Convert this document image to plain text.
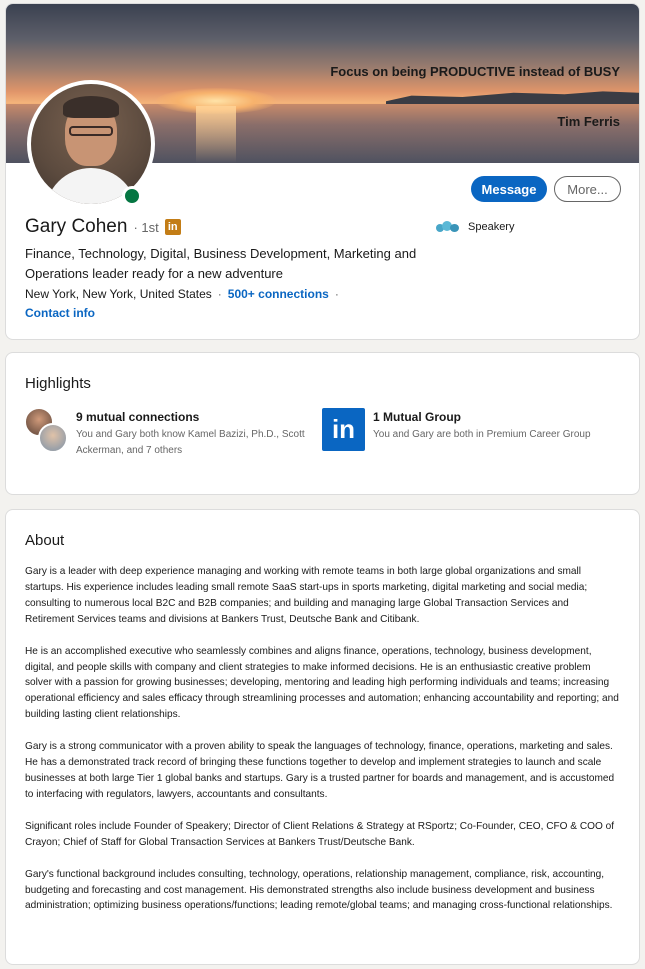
Focus on being PRODUCTIVE instead of BUSY
Tim Ferris
Message	More...
Gary Cohen · 1st in
Finance, Technology, Digital, Business Development, Marketing and Operations leader ready for a new adventure
New York, New York, United States · 500+ connections ·
Contact info
Speakery
Highlights
9 mutual connections
You and Gary both know Kamel Bazizi, Ph.D., Scott Ackerman, and 7 others
in	1 Mutual Group
You and Gary are both in Premium Career Group
About

Gary is a leader with deep experience managing and working with remote teams in both large global organizations and small startups. His experience includes leading small remote SaaS start-ups in sports marketing, digital marketing and social media; consulting to numerous local B2C and B2B companies; and building and managing large Global Transaction Services and Retirement Services teams and divisions at Bankers Trust, Deutsche Bank and Citibank.

He is an accomplished executive who seamlessly combines and aligns finance, operations, technology, business development, digital, and people skills with company and client strategies to make informed decisions. He is an enthusiastic creative problem solver with a passion for growing businesses; developing, mentoring and leading high performing individuals and teams; increasing operational efficiency and sales efficacy through streamlining processes and automation; enhancing accountability and reporting; and building lasting client relationships.

Gary is a strong communicator with a proven ability to speak the languages of technology, finance, operations, marketing and sales. He has a demonstrated track record of bringing these functions together to develop and implement strategies to launch and scale businesses at both large Tier 1 global banks and startups. Gary is a trusted partner for boards and management, and is accustomed to interfacing with regulators, lawyers, accountants and consultants.

Significant roles include Founder of Speakery; Director of Client Relations & Strategy at RSportz; Co-Founder, CEO, CFO & COO of Crayon; Chief of Staff for Global Transaction Services at Bankers Trust/Deutsche Bank.

Gary's functional background includes consulting, technology, operations, relationship management, compliance, risk, accounting, budgeting and forecasting and cost management. His demonstrated strengths also include business development and business administration; optimizing business operations/functions; leading remote/global teams; and managing cross-functional relationships.
